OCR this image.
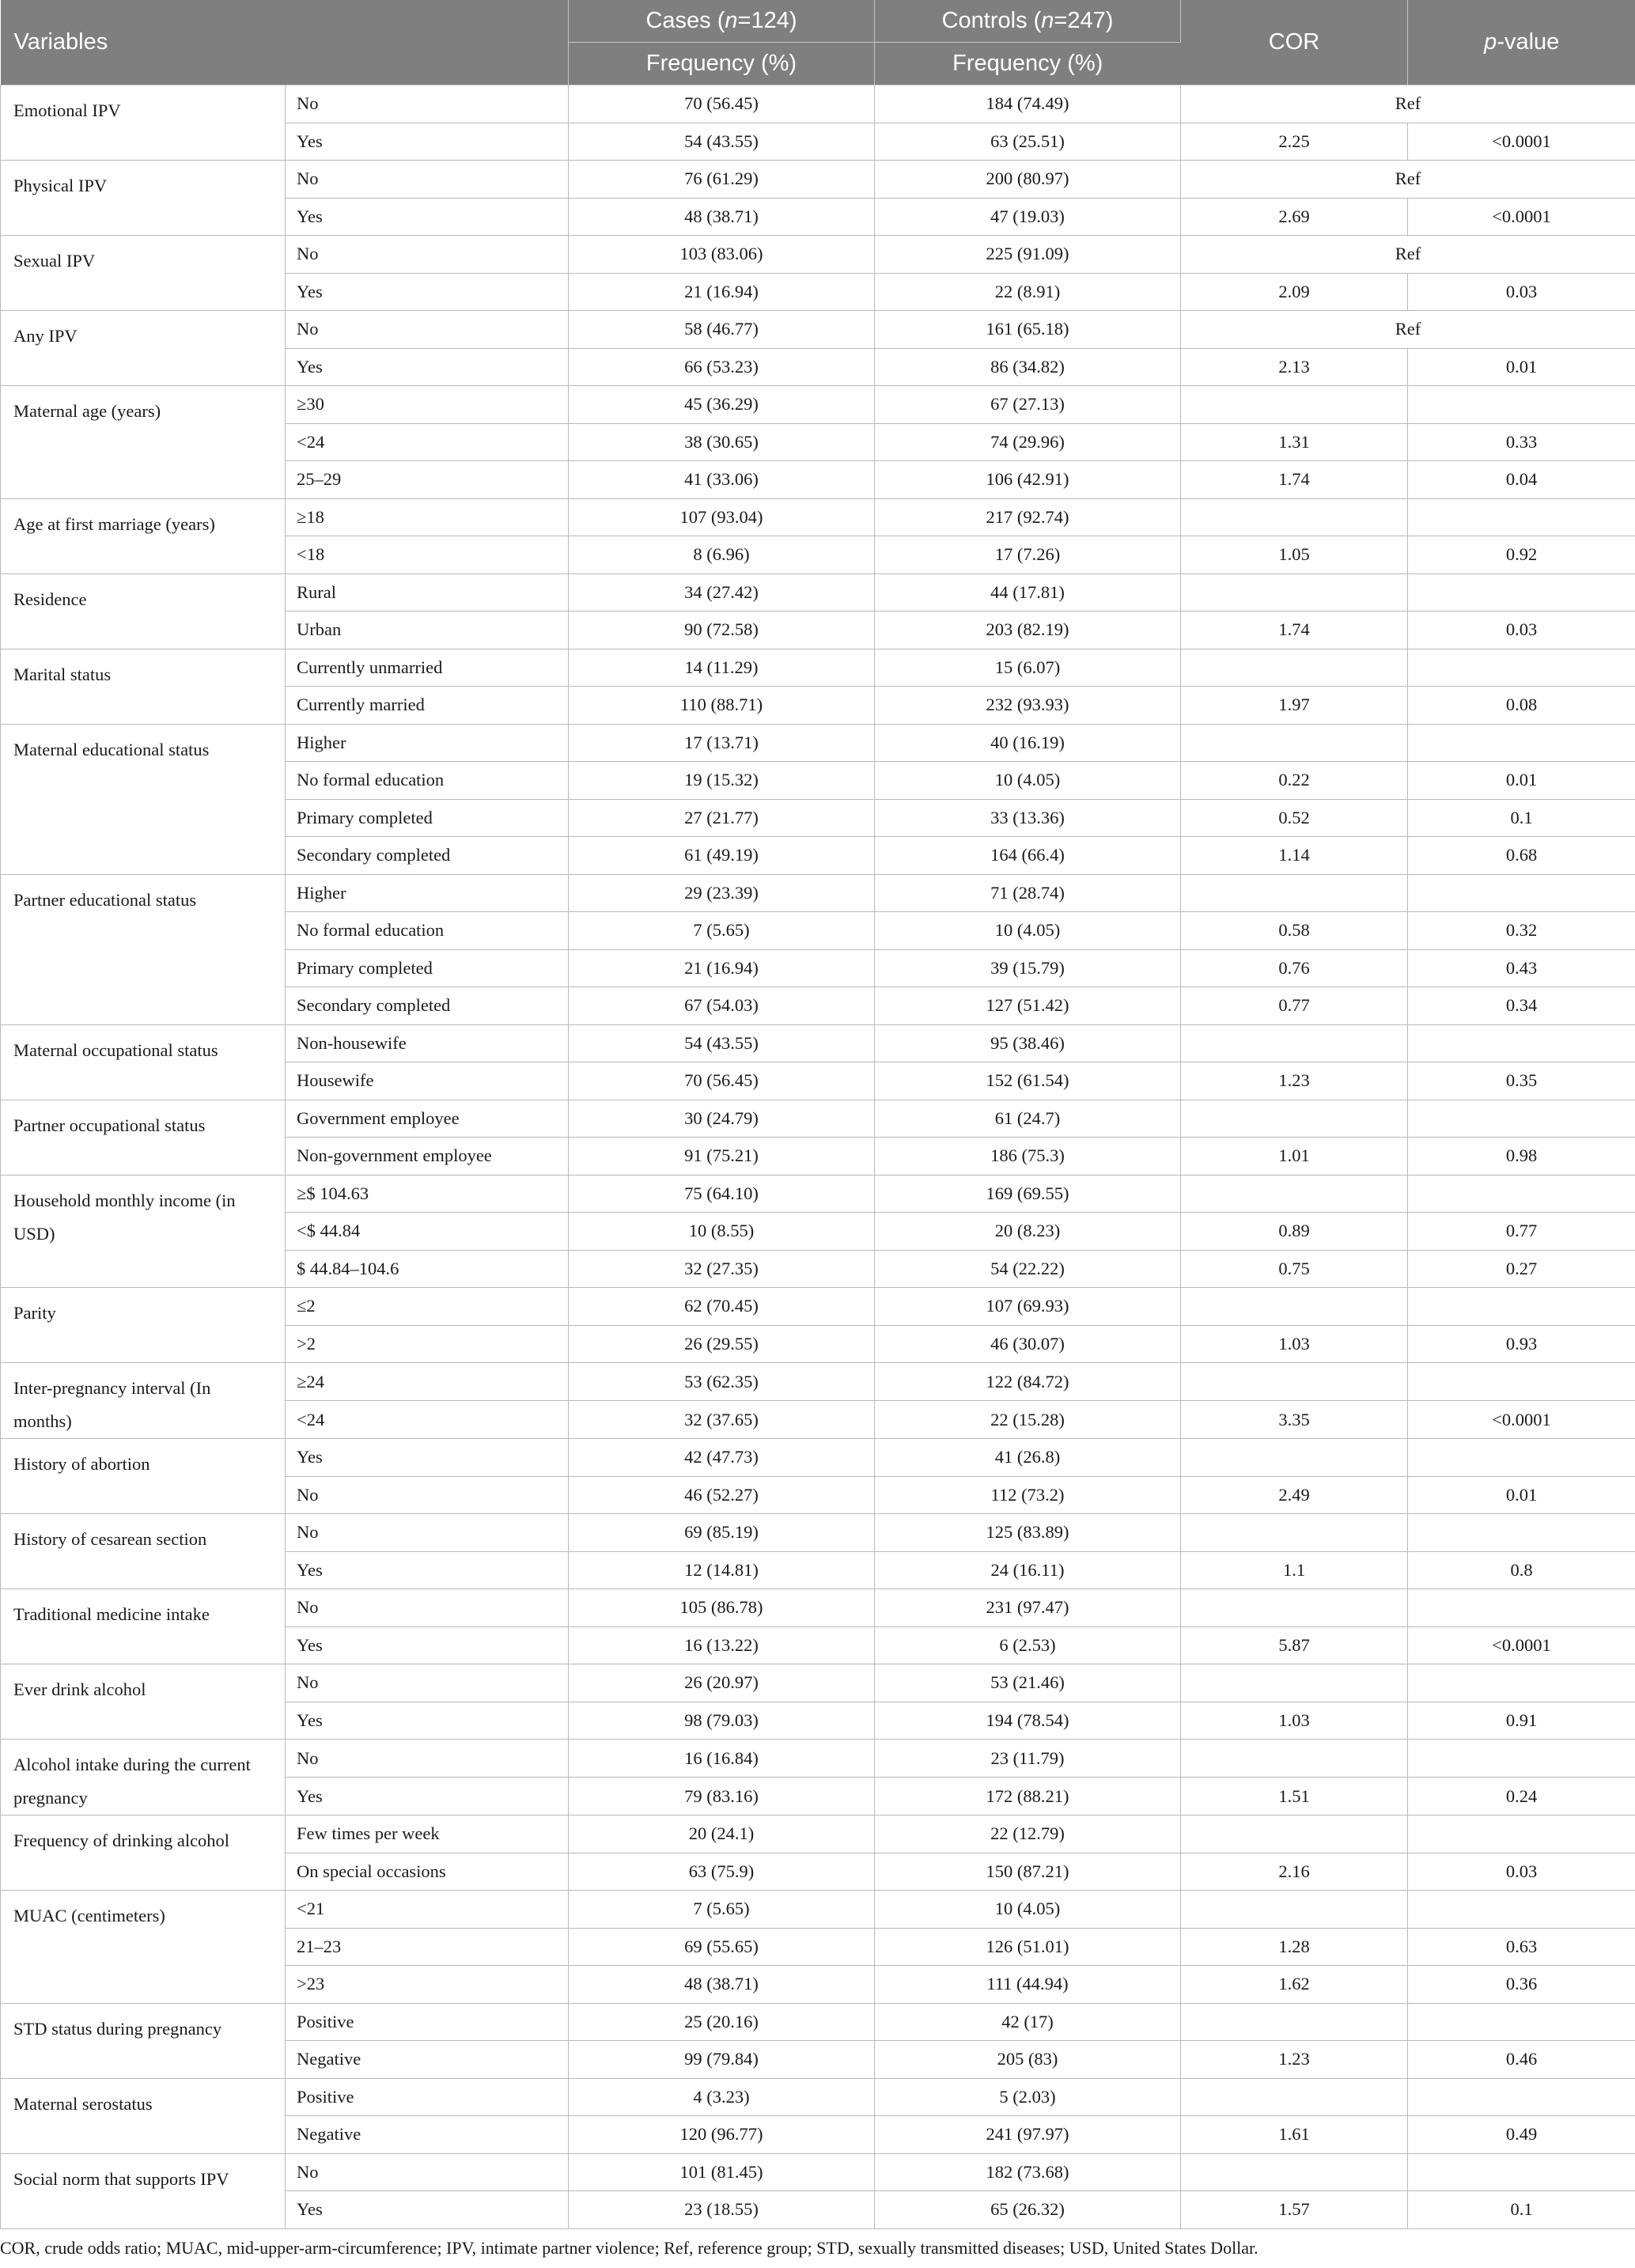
Variables		Cases (n=124)	Controls (n=247)	COR	p-value
		Frequency (%)	Frequency (%)		
Emotional IPV	No	70 (56.45)	184 (74.49)	Ref	
	Yes	54 (43.55)	63 (25.51)	2.25	<0.0001
Physical IPV	No	76 (61.29)	200 (80.97)	Ref	
	Yes	48 (38.71)	47 (19.03)	2.69	<0.0001
Sexual IPV	No	103 (83.06)	225 (91.09)	Ref	
	Yes	21 (16.94)	22 (8.91)	2.09	0.03
Any IPV	No	58 (46.77)	161 (65.18)	Ref	
	Yes	66 (53.23)	86 (34.82)	2.13	0.01
Maternal age (years)	≥30	45 (36.29)	67 (27.13)		
	<24	38 (30.65)	74 (29.96)	1.31	0.33
	25–29	41 (33.06)	106 (42.91)	1.74	0.04
Age at first marriage (years)	≥18	107 (93.04)	217 (92.74)		
	<18	8 (6.96)	17 (7.26)	1.05	0.92
Residence	Rural	34 (27.42)	44 (17.81)		
	Urban	90 (72.58)	203 (82.19)	1.74	0.03
Marital status	Currently unmarried	14 (11.29)	15 (6.07)		
	Currently married	110 (88.71)	232 (93.93)	1.97	0.08
Maternal educational status	Higher	17 (13.71)	40 (16.19)		
	No formal education	19 (15.32)	10 (4.05)	0.22	0.01
	Primary completed	27 (21.77)	33 (13.36)	0.52	0.1
	Secondary completed	61 (49.19)	164 (66.4)	1.14	0.68
Partner educational status	Higher	29 (23.39)	71 (28.74)		
	No formal education	7 (5.65)	10 (4.05)	0.58	0.32
	Primary completed	21 (16.94)	39 (15.79)	0.76	0.43
	Secondary completed	67 (54.03)	127 (51.42)	0.77	0.34
Maternal occupational status	Non-housewife	54 (43.55)	95 (38.46)		
	Housewife	70 (56.45)	152 (61.54)	1.23	0.35
Partner occupational status	Government employee	30 (24.79)	61 (24.7)		
	Non-government employee	91 (75.21)	186 (75.3)	1.01	0.98
Household monthly income (in USD)	≥$ 104.63	75 (64.10)	169 (69.55)		
	<$ 44.84	10 (8.55)	20 (8.23)	0.89	0.77
	$ 44.84–104.6	32 (27.35)	54 (22.22)	0.75	0.27
Parity	≤2	62 (70.45)	107 (69.93)		
	>2	26 (29.55)	46 (30.07)	1.03	0.93
Inter-pregnancy interval (In months)	≥24	53 (62.35)	122 (84.72)		
	<24	32 (37.65)	22 (15.28)	3.35	<0.0001
History of abortion	Yes	42 (47.73)	41 (26.8)		
	No	46 (52.27)	112 (73.2)	2.49	0.01
History of cesarean section	No	69 (85.19)	125 (83.89)		
	Yes	12 (14.81)	24 (16.11)	1.1	0.8
Traditional medicine intake	No	105 (86.78)	231 (97.47)		
	Yes	16 (13.22)	6 (2.53)	5.87	<0.0001
Ever drink alcohol	No	26 (20.97)	53 (21.46)		
	Yes	98 (79.03)	194 (78.54)	1.03	0.91
Alcohol intake during the current pregnancy	No	16 (16.84)	23 (11.79)		
	Yes	79 (83.16)	172 (88.21)	1.51	0.24
Frequency of drinking alcohol	Few times per week	20 (24.1)	22 (12.79)		
	On special occasions	63 (75.9)	150 (87.21)	2.16	0.03
MUAC (centimeters)	<21	7 (5.65)	10 (4.05)		
	21–23	69 (55.65)	126 (51.01)	1.28	0.63
	>23	48 (38.71)	111 (44.94)	1.62	0.36
STD status during pregnancy	Positive	25 (20.16)	42 (17)		
	Negative	99 (79.84)	205 (83)	1.23	0.46
Maternal serostatus	Positive	4 (3.23)	5 (2.03)		
	Negative	120 (96.77)	241 (97.97)	1.61	0.49
Social norm that supports IPV	No	101 (81.45)	182 (73.68)		
	Yes	23 (18.55)	65 (26.32)	1.57	0.1
COR, crude odds ratio; MUAC, mid-upper-arm-circumference; IPV, intimate partner violence; Ref, reference group; STD, sexually transmitted diseases; USD, United States Dollar.
